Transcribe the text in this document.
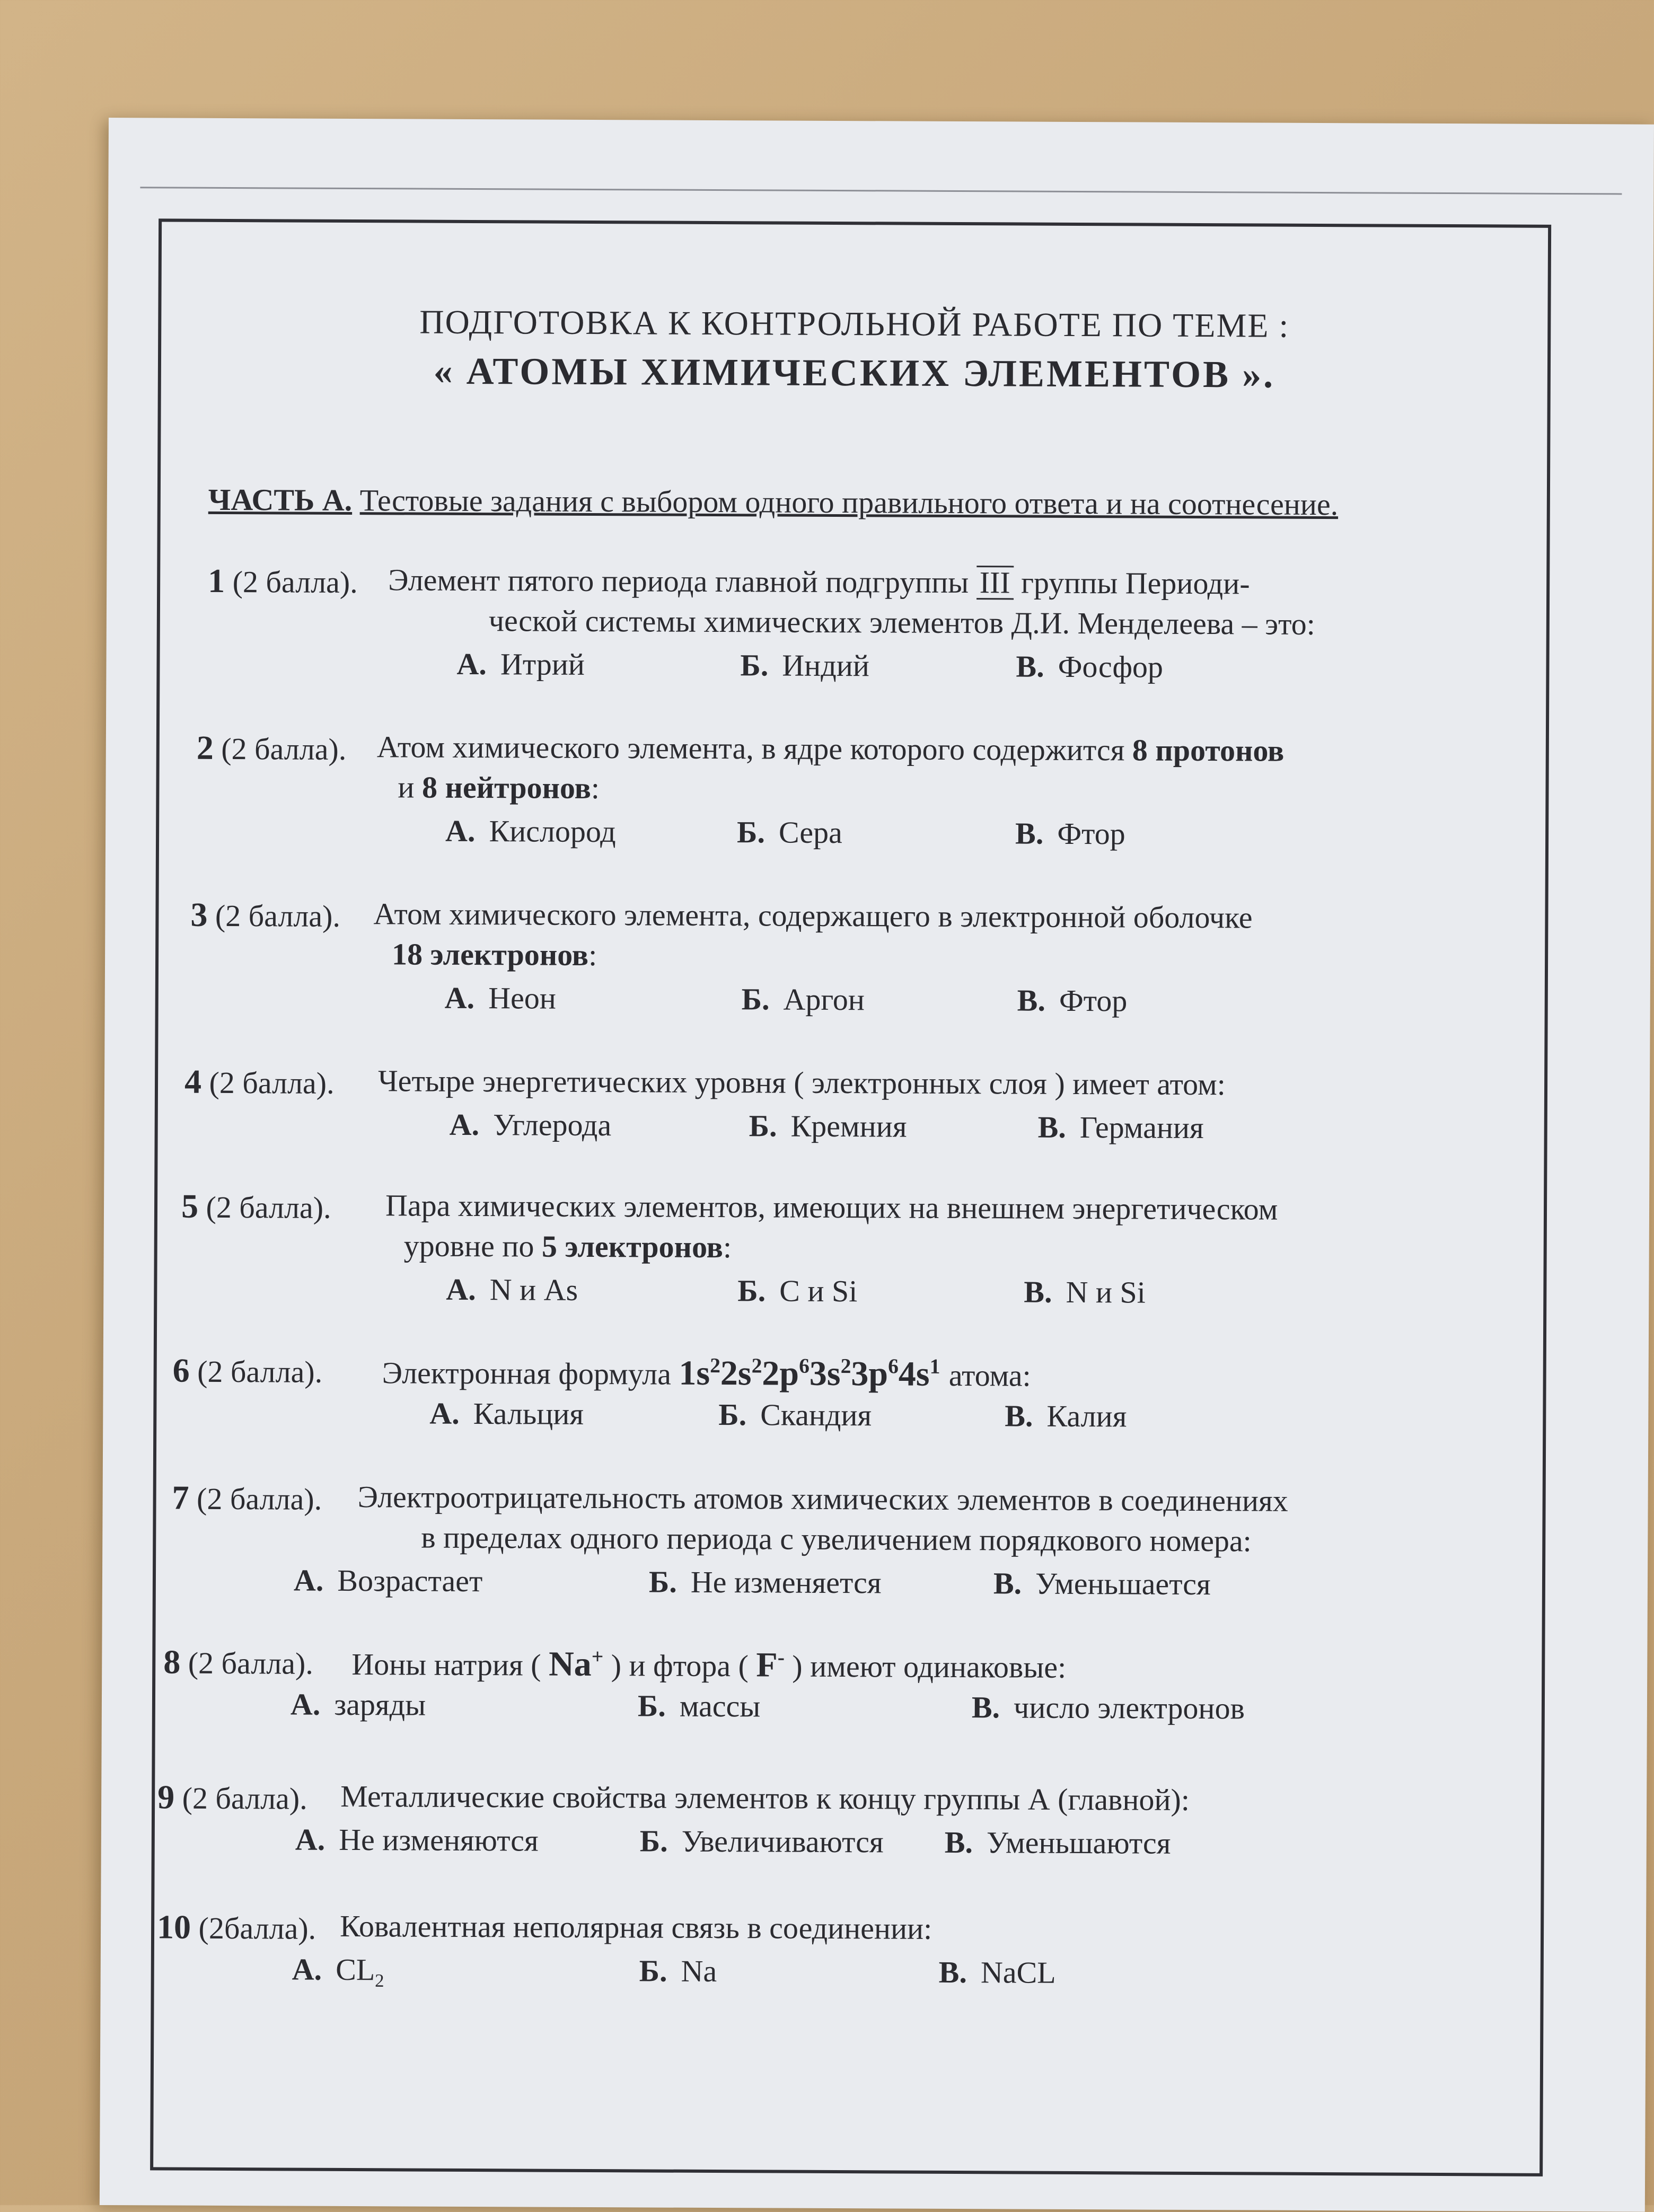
ПОДГОТОВКА К КОНТРОЛЬНОЙ РАБОТЕ ПО ТЕМЕ :
« АТОМЫ ХИМИЧЕСКИХ ЭЛЕМЕНТОВ ».
ЧАСТЬ А. Тестовые задания с выбором одного правильного ответа и на соотнесение.
1 (2 балла). Элемент пятого периода главной подгруппы III группы Периоди-
ческой системы химических элементов Д.И. Менделеева – это:
А. Итрий	Б. Индий	В. Фосфор
2 (2 балла). Атом химического элемента, в ядре которого содержится 8 протонов
и 8 нейтронов:
А. Кислород	Б. Сера	В. Фтор
3 (2 балла). Атом химического элемента, содержащего в электронной оболочке
18 электронов:
А. Неон	Б. Аргон	В. Фтор
4 (2 балла). Четыре энергетических уровня ( электронных слоя ) имеет атом:
А. Углерода	Б. Кремния	В. Германия
5 (2 балла). Пара химических элементов, имеющих на внешнем энергетическом
уровне по 5 электронов:
А. N и As	Б. C и Si	В. N и Si
6 (2 балла). Электронная формула $1s^22s^22p^63s^23p^64s^1$ атома:
А. Кальция	Б. Скандия	В. Калия
7 (2 балла). Электроотрицательность атомов химических элементов в соединениях
в пределах одного периода с увеличением порядкового номера:
А. Возрастает	Б. Не изменяется	В. Уменьшается
8 (2 балла). Ионы натрия ( Na+ ) и фтора ( F- ) имеют одинаковые:
А. заряды	Б. массы	В. число электронов
9 (2 балла). Металлические свойства элементов к концу группы А (главной):
А. Не изменяются	Б. Увеличиваются В. Уменьшаются
10 (2балла). Ковалентная неполярная связь в соединении:
А. $CL_2$	Б. Na	В. NaCL
